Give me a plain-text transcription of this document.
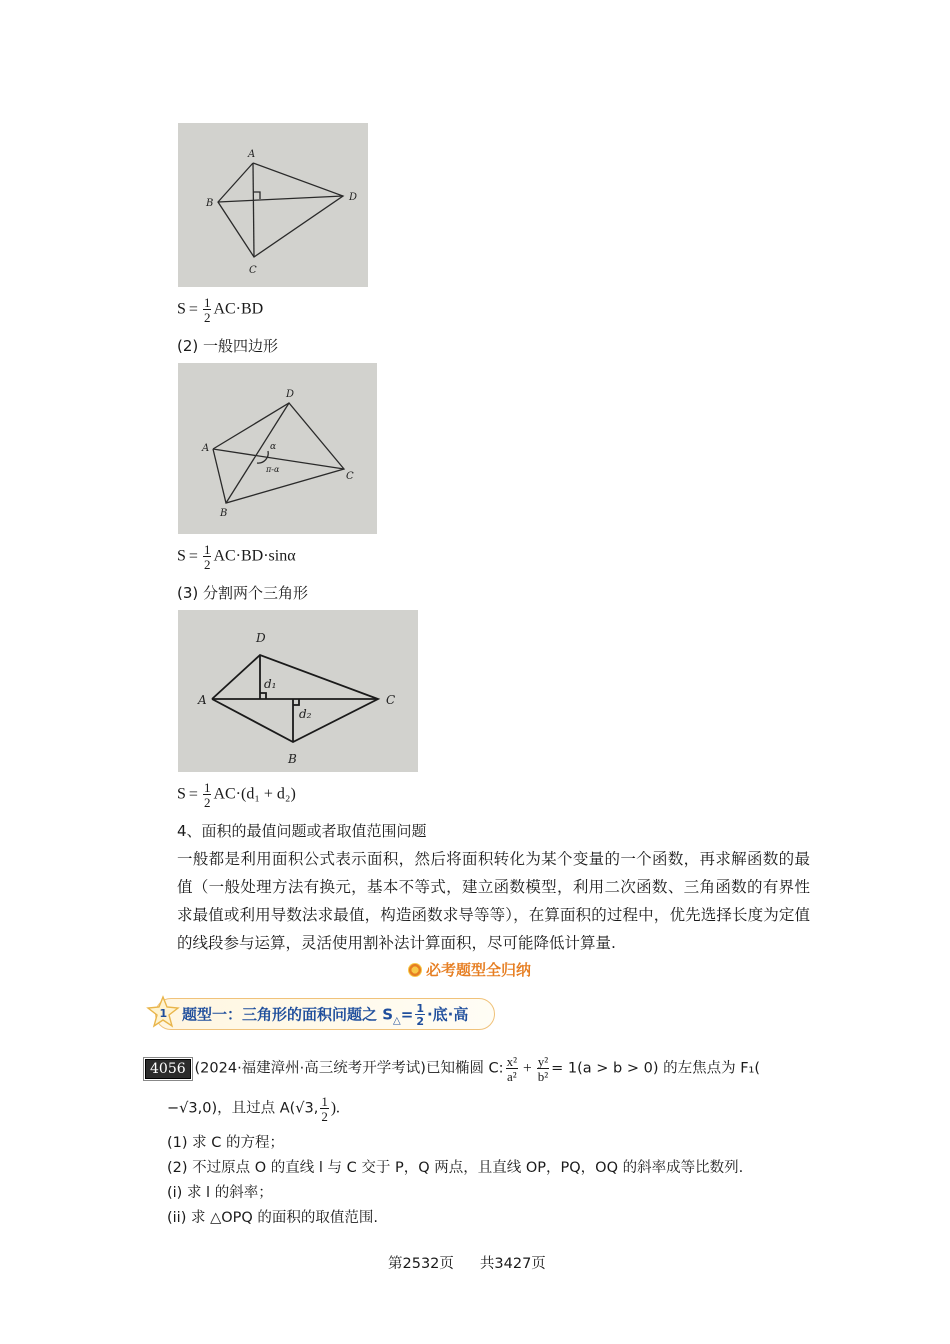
A
B
C
D
$S = \frac{1}{2} AC\cdot BD$
(2) 一般四边形
A
B
C
D
α
π-α
$S = \frac{1}{2} AC\cdot BD\cdot\sin\alpha$
(3) 分割两个三角形
A
B
C
D
d₁
d₂
$S = \frac{1}{2} AC\cdot(d_1 + d_2)$
4、面积的最值问题或者取值范围问题
一般都是利用面积公式表示面积，然后将面积转化为某个变量的一个函数，再求解函数的最值（一般处理方法有换元，基本不等式，建立函数模型，利用二次函数、三角函数的有界性求最值或利用导数法求最值，构造函数求导等等），在算面积的过程中，优先选择长度为定值的线段参与运算，灵活使用割补法计算面积，尽可能降低计算量.
必考题型全归纳
1 题型一：三角形的面积问题之 $S_\triangle= \frac{1}{2}$ ·底·高
4056 (2024·福建漳州·高三统考开学考试)已知椭圆 C: $\frac{\text{x²}}{\text{a²}} + \frac{\text{y²}}{\text{b²}} = 1(a > b > 0)$ 的左焦点为 F₁(
−√3,0)，且过点 A(√3, $\frac{1}{2}$ ).
(1) 求 C 的方程；
(2) 不过原点 O 的直线 l 与 C 交于 P，Q 两点，且直线 OP，PQ，OQ 的斜率成等比数列.
(i) 求 l 的斜率；
(ii) 求 △OPQ 的面积的取值范围.
第2532页 共3427页
